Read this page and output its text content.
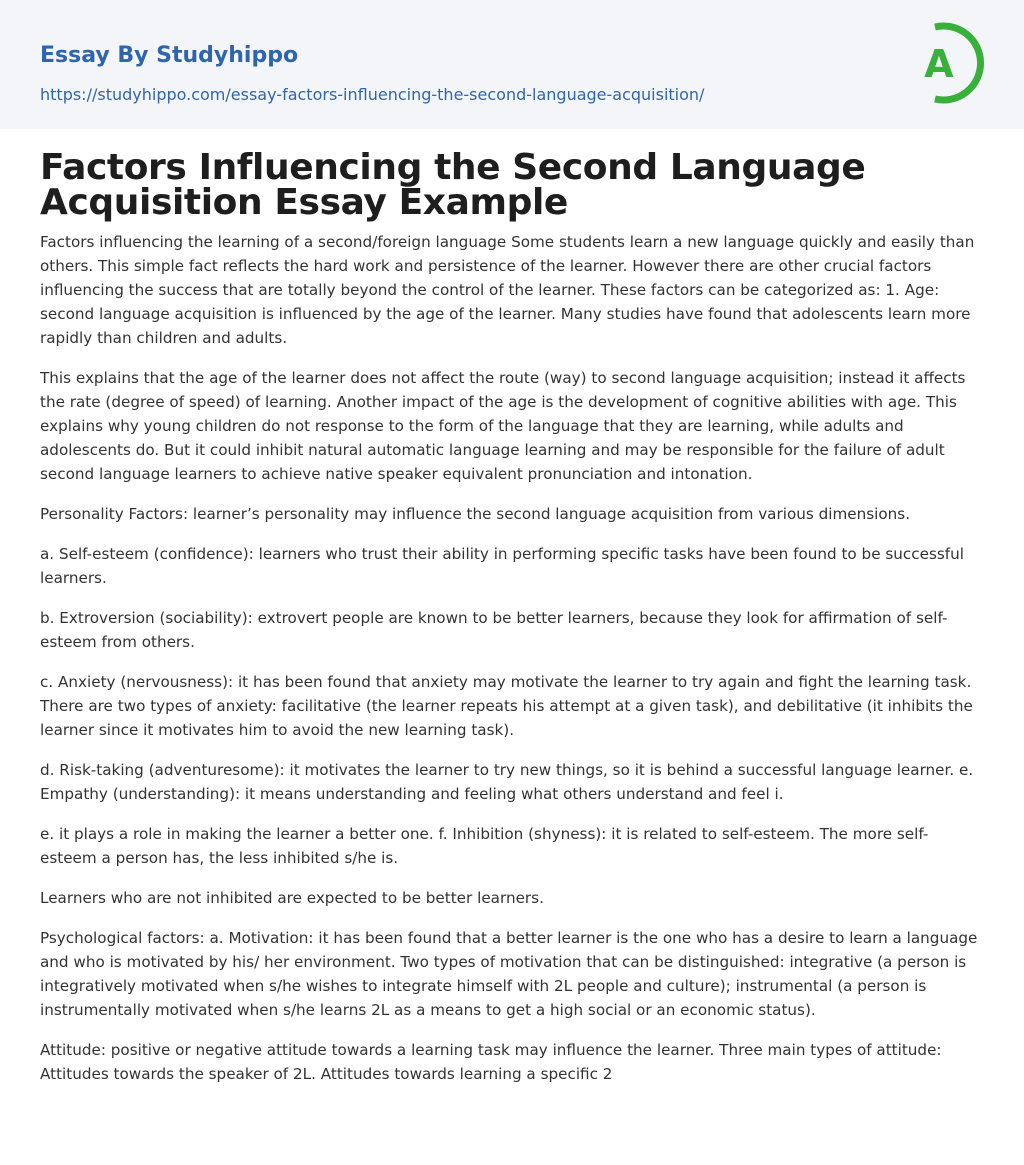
Essay By Studyhippo
https://studyhippo.com/essay-factors-influencing-the-second-language-acquisition/
A
Factors Influencing the Second Language Acquisition Essay Example

Factors influencing the learning of a second/foreign language Some students learn a new language quickly and easily than others. This simple fact reflects the hard work and persistence of the learner. However there are other crucial factors influencing the success that are totally beyond the control of the learner. These factors can be categorized as: 1. Age: second language acquisition is influenced by the age of the learner. Many studies have found that adolescents learn more rapidly than children and adults.

This explains that the age of the learner does not affect the route (way) to second language acquisition; instead it affects the rate (degree of speed) of learning. Another impact of the age is the development of cognitive abilities with age. This explains why young children do not response to the form of the language that they are learning, while adults and adolescents do. But it could inhibit natural automatic language learning and may be responsible for the failure of adult second language learners to achieve native speaker equivalent pronunciation and intonation.

Personality Factors: learner’s personality may influence the second language acquisition from various dimensions.

a. Self-esteem (confidence): learners who trust their ability in performing specific tasks have been found to be successful learners.

b. Extroversion (sociability): extrovert people are known to be better learners, because they look for affirmation of self-esteem from others.

c. Anxiety (nervousness): it has been found that anxiety may motivate the learner to try again and fight the learning task. There are two types of anxiety: facilitative (the learner repeats his attempt at a given task), and debilitative (it inhibits the learner since it motivates him to avoid the new learning task).

d. Risk-taking (adventuresome): it motivates the learner to try new things, so it is behind a successful language learner. e. Empathy (understanding): it means understanding and feeling what others understand and feel i.

e. it plays a role in making the learner a better one. f. Inhibition (shyness): it is related to self-esteem. The more self-esteem a person has, the less inhibited s/he is.

Learners who are not inhibited are expected to be better learners.

Psychological factors: a. Motivation: it has been found that a better learner is the one who has a desire to learn a language and who is motivated by his/ her environment. Two types of motivation that can be distinguished: integrative (a person is integratively motivated when s/he wishes to integrate himself with 2L people and culture); instrumental (a person is instrumentally motivated when s/he learns 2L as a means to get a high social or an economic status).

Attitude: positive or negative attitude towards a learning task may influence the learner. Three main types of attitude: Attitudes towards the speaker of 2L. Attitudes towards learning a specific 2
